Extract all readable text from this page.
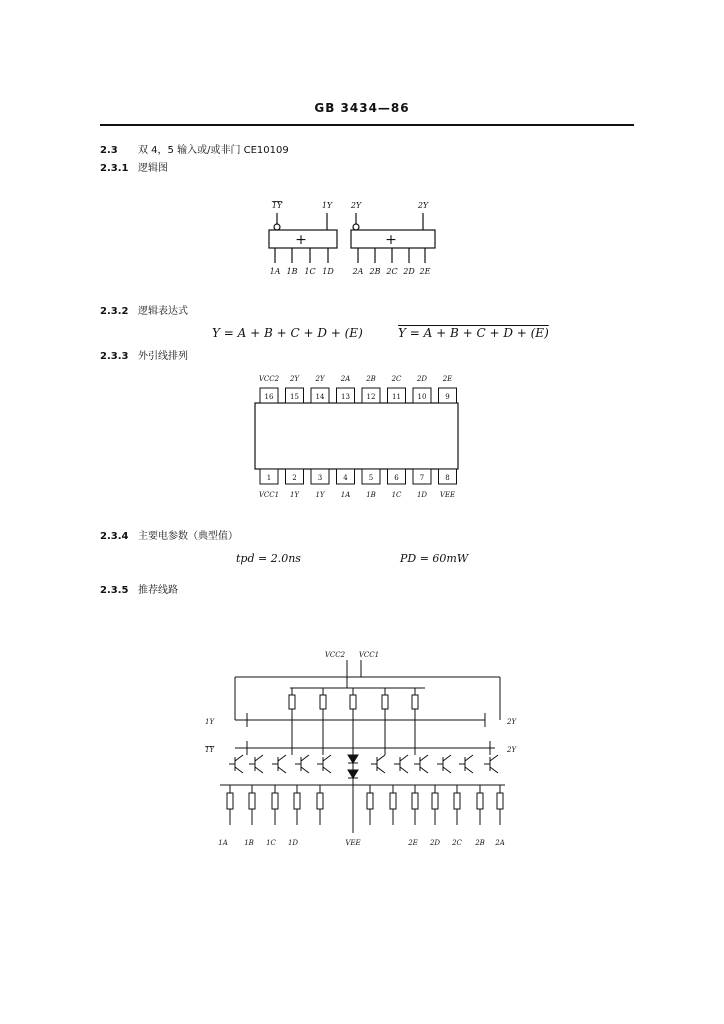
GB 3434—86
2.3 双 4，5 输入或/或非门 CE10109
2.3.1 逻辑图
+	+
1Y	1Y 2Y	2Y
1A 1B 1C 1D 2A 2B 2C 2D 2E
2.3.2 逻辑表达式
Y = A + B + C + D + (E)	Y = A + B + C + D + (E)
2.3.3 外引线排列
16
VCC2
15
2Y
14
2Y
13
2A
12
2B
11
2C
10
2D
9
2E
1
VCC1
2
1Y
3
1Y
4
1A
5
1B
6
1C
7
1D
8
VEE
2.3.4 主要电参数（典型值）
tpd = 2.0ns	PD = 60mW
2.3.5 推荐线路
VCC2 VCC1
1Y
1Y
2Y
2Y
1A 1B 1C 1D	VEE	2E 2D 2C 2B 2A
